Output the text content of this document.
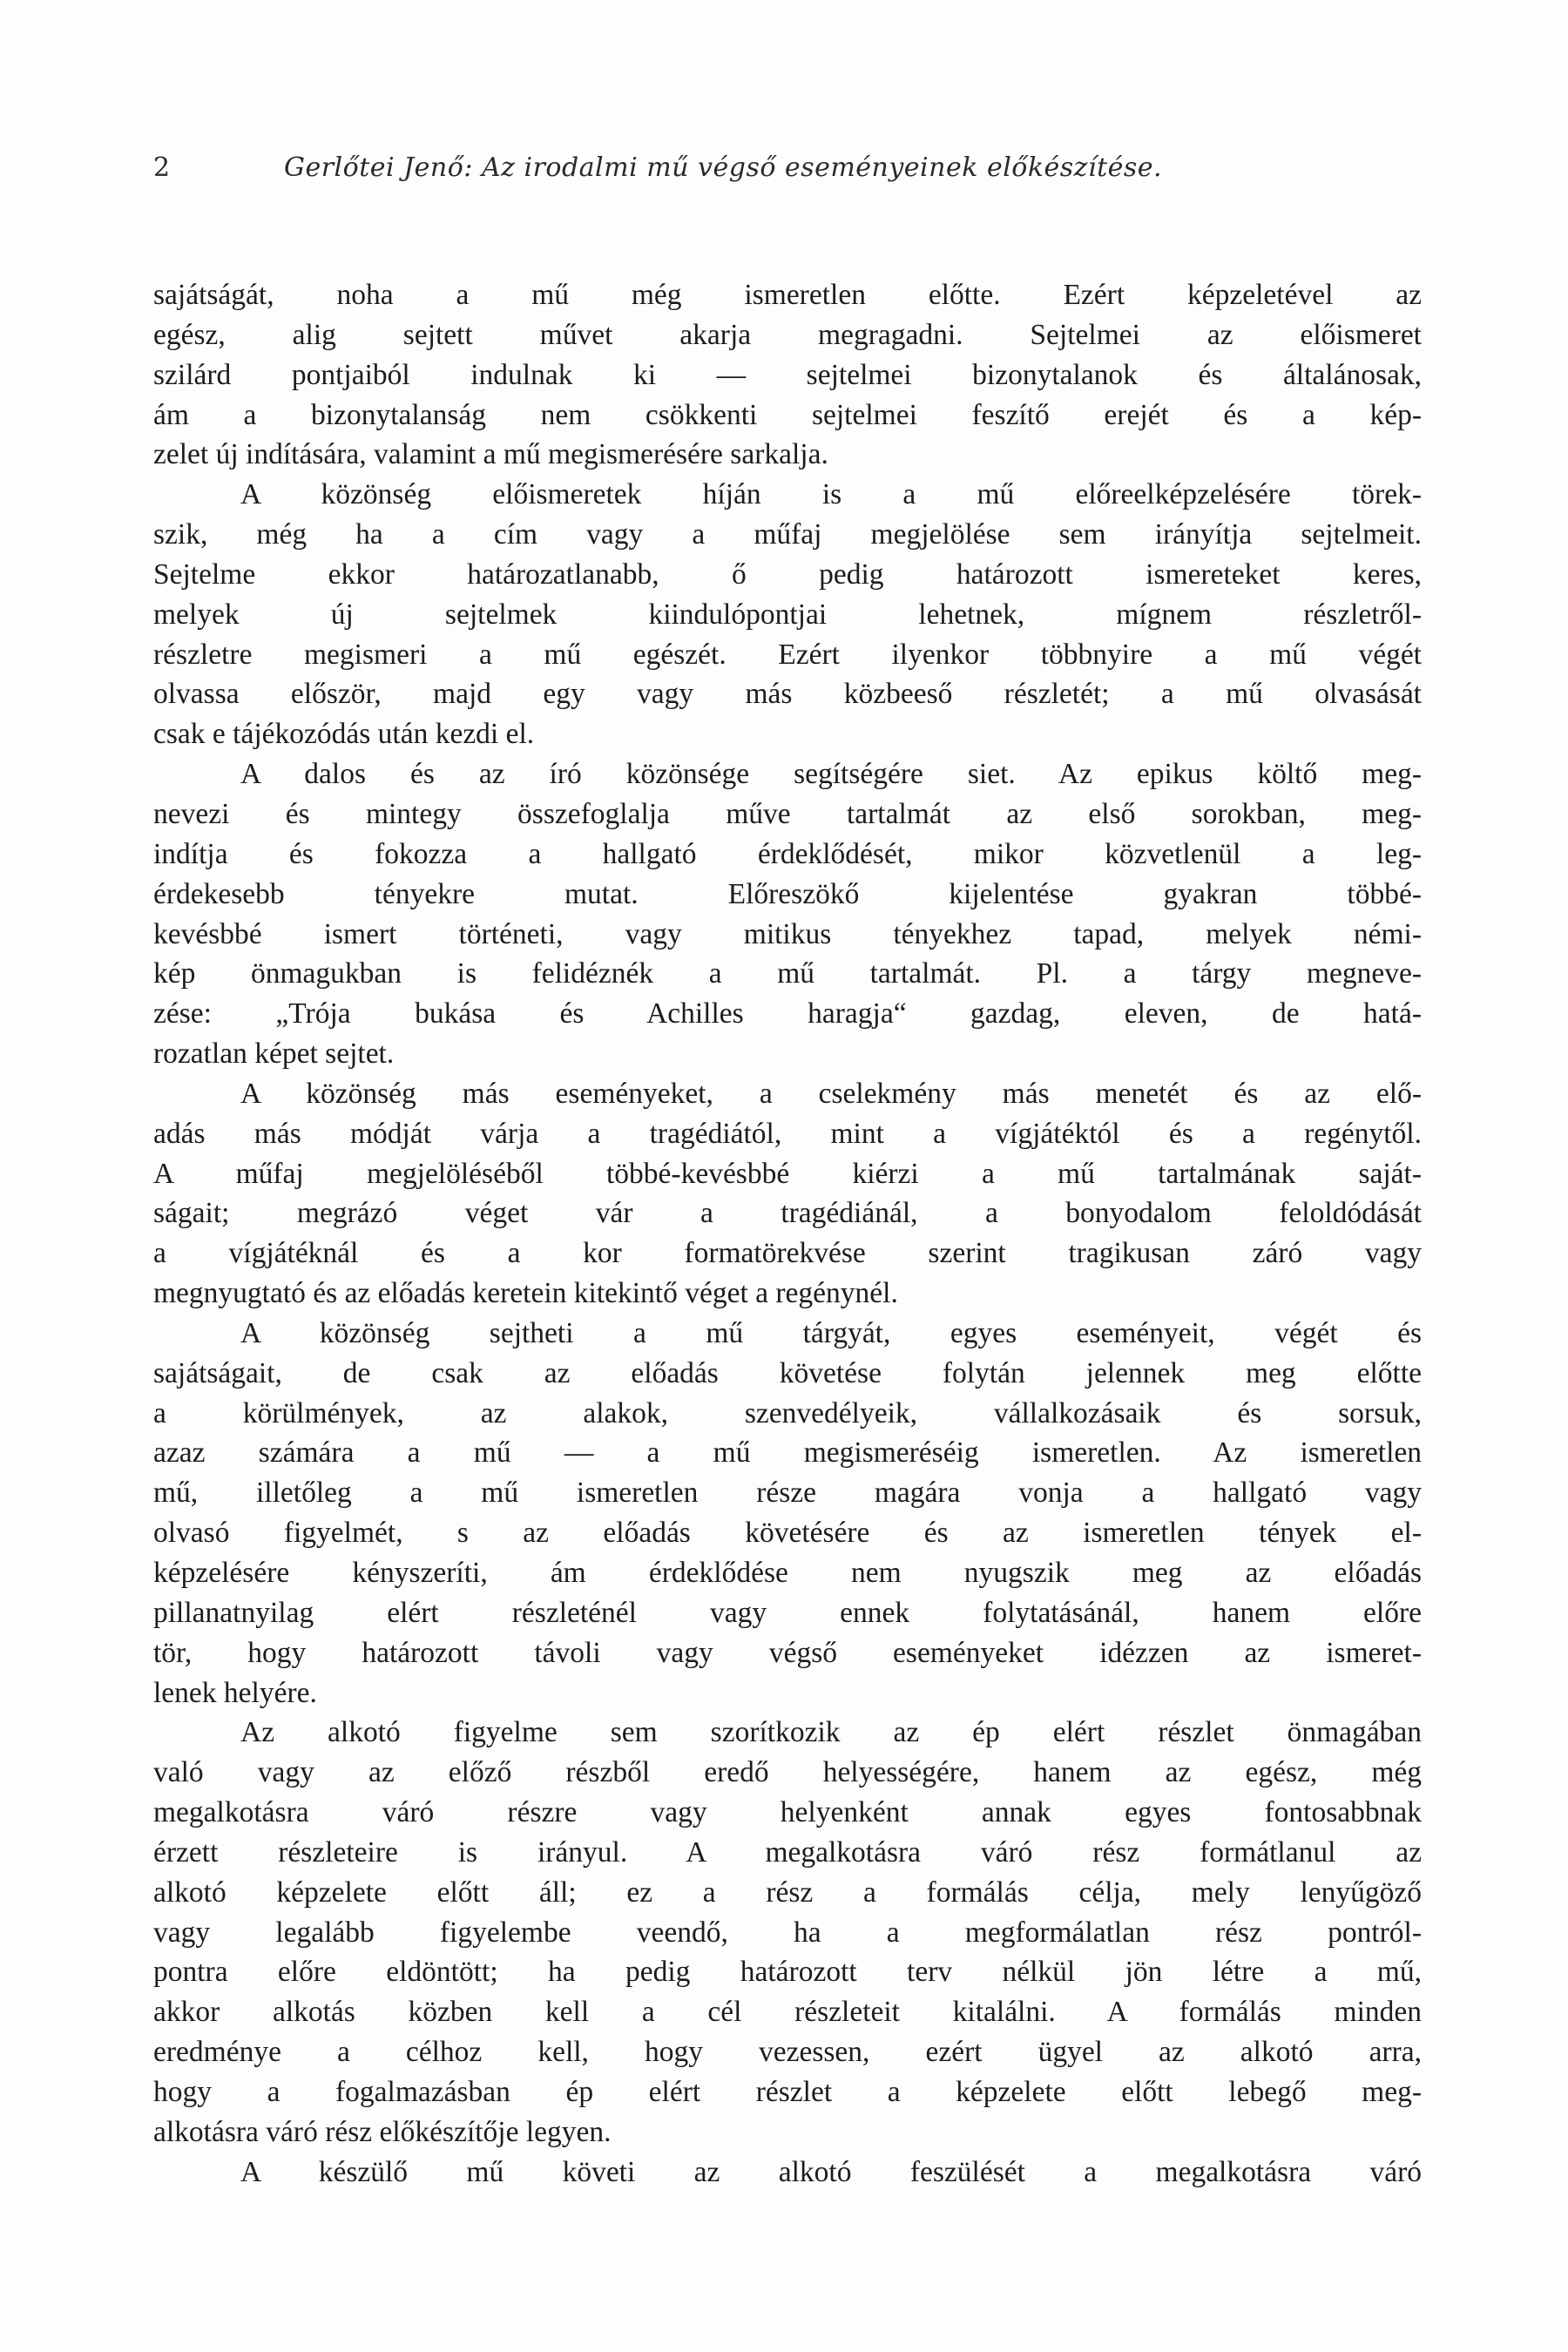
2	Gerlőtei Jenő: Az irodalmi mű végső eseményeinek előkészítése.
sajátságát, noha a mű még ismeretlen előtte. Ezért képzeletével az
egész, alig sejtett művet akarja megragadni. Sejtelmei az előismeret
szilárd pontjaiból indulnak ki — sejtelmei bizonytalanok és általánosak,
ám a bizonytalanság nem csökkenti sejtelmei feszítő erejét és a kép-
zelet új indítására, valamint a mű megismerésére sarkalja.
A közönség előismeretek híján is a mű előreelképzelésére törek-
szik, még ha a cím vagy a műfaj megjelölése sem irányítja sejtelmeit.
Sejtelme ekkor határozatlanabb, ő pedig határozott ismereteket keres,
melyek új sejtelmek kiindulópontjai lehetnek, mígnem részletről-
részletre megismeri a mű egészét. Ezért ilyenkor többnyire a mű végét
olvassa először, majd egy vagy más közbeeső részletét; a mű olvasását
csak e tájékozódás után kezdi el.
A dalos és az író közönsége segítségére siet. Az epikus költő meg-
nevezi és mintegy összefoglalja műve tartalmát az első sorokban, meg-
indítja és fokozza a hallgató érdeklődését, mikor közvetlenül a leg-
érdekesebb tényekre mutat. Előreszökő kijelentése gyakran többé-
kevésbbé ismert történeti, vagy mitikus tényekhez tapad, melyek némi-
kép önmagukban is felidéznék a mű tartalmát. Pl. a tárgy megneve-
zése: „Trója bukása és Achilles haragja“ gazdag, eleven, de hatá-
rozatlan képet sejtet.
A közönség más eseményeket, a cselekmény más menetét és az elő-
adás más módját várja a tragédiától, mint a vígjátéktól és a regénytől.
A műfaj megjelöléséből többé-kevésbbé kiérzi a mű tartalmának saját-
ságait; megrázó véget vár a tragédiánál, a bonyodalom feloldódását
a vígjátéknál és a kor formatörekvése szerint tragikusan záró vagy
megnyugtató és az előadás keretein kitekintő véget a regénynél.
A közönség sejtheti a mű tárgyát, egyes eseményeit, végét és
sajátságait, de csak az előadás követése folytán jelennek meg előtte
a körülmények, az alakok, szenvedélyeik, vállalkozásaik és sorsuk,
azaz számára a mű — a mű megismeréséig ismeretlen. Az ismeretlen
mű, illetőleg a mű ismeretlen része magára vonja a hallgató vagy
olvasó figyelmét, s az előadás követésére és az ismeretlen tények el-
képzelésére kényszeríti, ám érdeklődése nem nyugszik meg az előadás
pillanatnyilag elért részleténél vagy ennek folytatásánál, hanem előre
tör, hogy határozott távoli vagy végső eseményeket idézzen az ismeret-
lenek helyére.
Az alkotó figyelme sem szorítkozik az ép elért részlet önmagában
való vagy az előző részből eredő helyességére, hanem az egész, még
megalkotásra váró részre vagy helyenként annak egyes fontosabbnak
érzett részleteire is irányul. A megalkotásra váró rész formátlanul az
alkotó képzelete előtt áll; ez a rész a formálás célja, mely lenyűgöző
vagy legalább figyelembe veendő, ha a megformálatlan rész pontról-
pontra előre eldöntött; ha pedig határozott terv nélkül jön létre a mű,
akkor alkotás közben kell a cél részleteit kitalálni. A formálás minden
eredménye a célhoz kell, hogy vezessen, ezért ügyel az alkotó arra,
hogy a fogalmazásban ép elért részlet a képzelete előtt lebegő meg-
alkotásra váró rész előkészítője legyen.
A készülő mű követi az alkotó feszülését a megalkotásra váró
